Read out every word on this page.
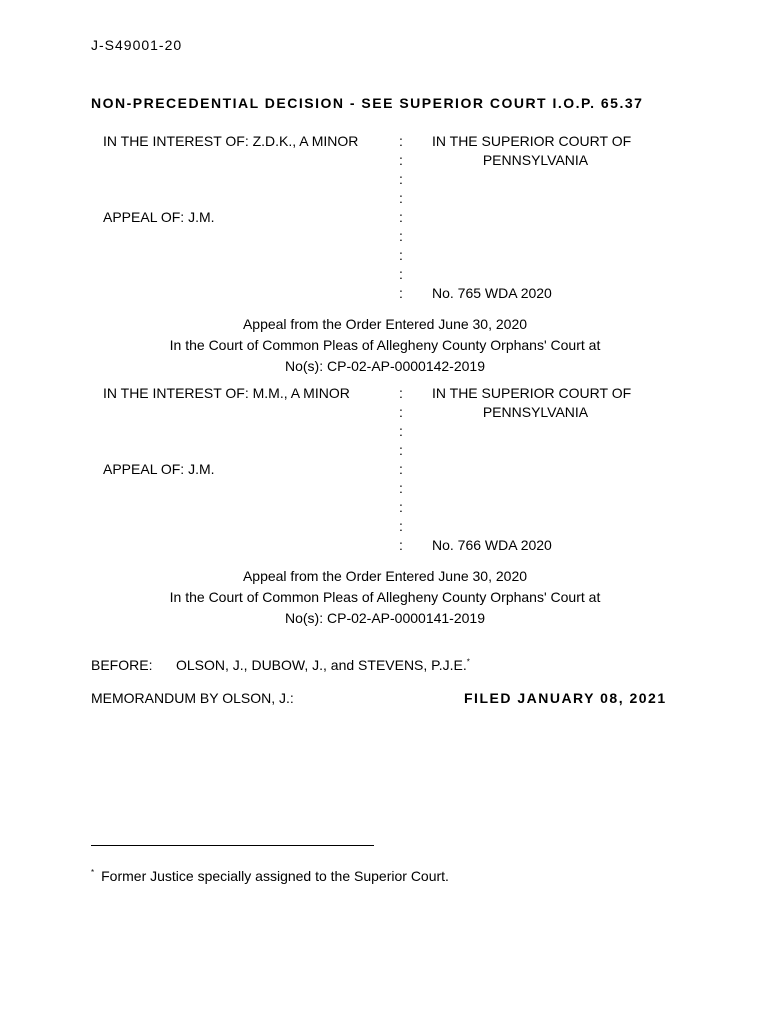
J-S49001-20
NON-PRECEDENTIAL DECISION - SEE SUPERIOR COURT I.O.P. 65.37
IN THE INTEREST OF: Z.D.K., A MINOR
APPEAL OF: J.M.
:
:
:
:
:
:
:
:
:
IN THE SUPERIOR COURT OF
PENNSYLVANIA
No. 765 WDA 2020
Appeal from the Order Entered June 30, 2020
In the Court of Common Pleas of Allegheny County Orphans' Court at
No(s): CP-02-AP-0000142-2019
IN THE INTEREST OF: M.M., A MINOR
APPEAL OF: J.M.
:
:
:
:
:
:
:
:
:
IN THE SUPERIOR COURT OF
PENNSYLVANIA
No. 766 WDA 2020
Appeal from the Order Entered June 30, 2020
In the Court of Common Pleas of Allegheny County Orphans' Court at
No(s): CP-02-AP-0000141-2019
BEFORE: OLSON, J., DUBOW, J., and STEVENS, P.J.E.*
MEMORANDUM BY OLSON, J.:	FILED JANUARY 08, 2021
* Former Justice specially assigned to the Superior Court.
